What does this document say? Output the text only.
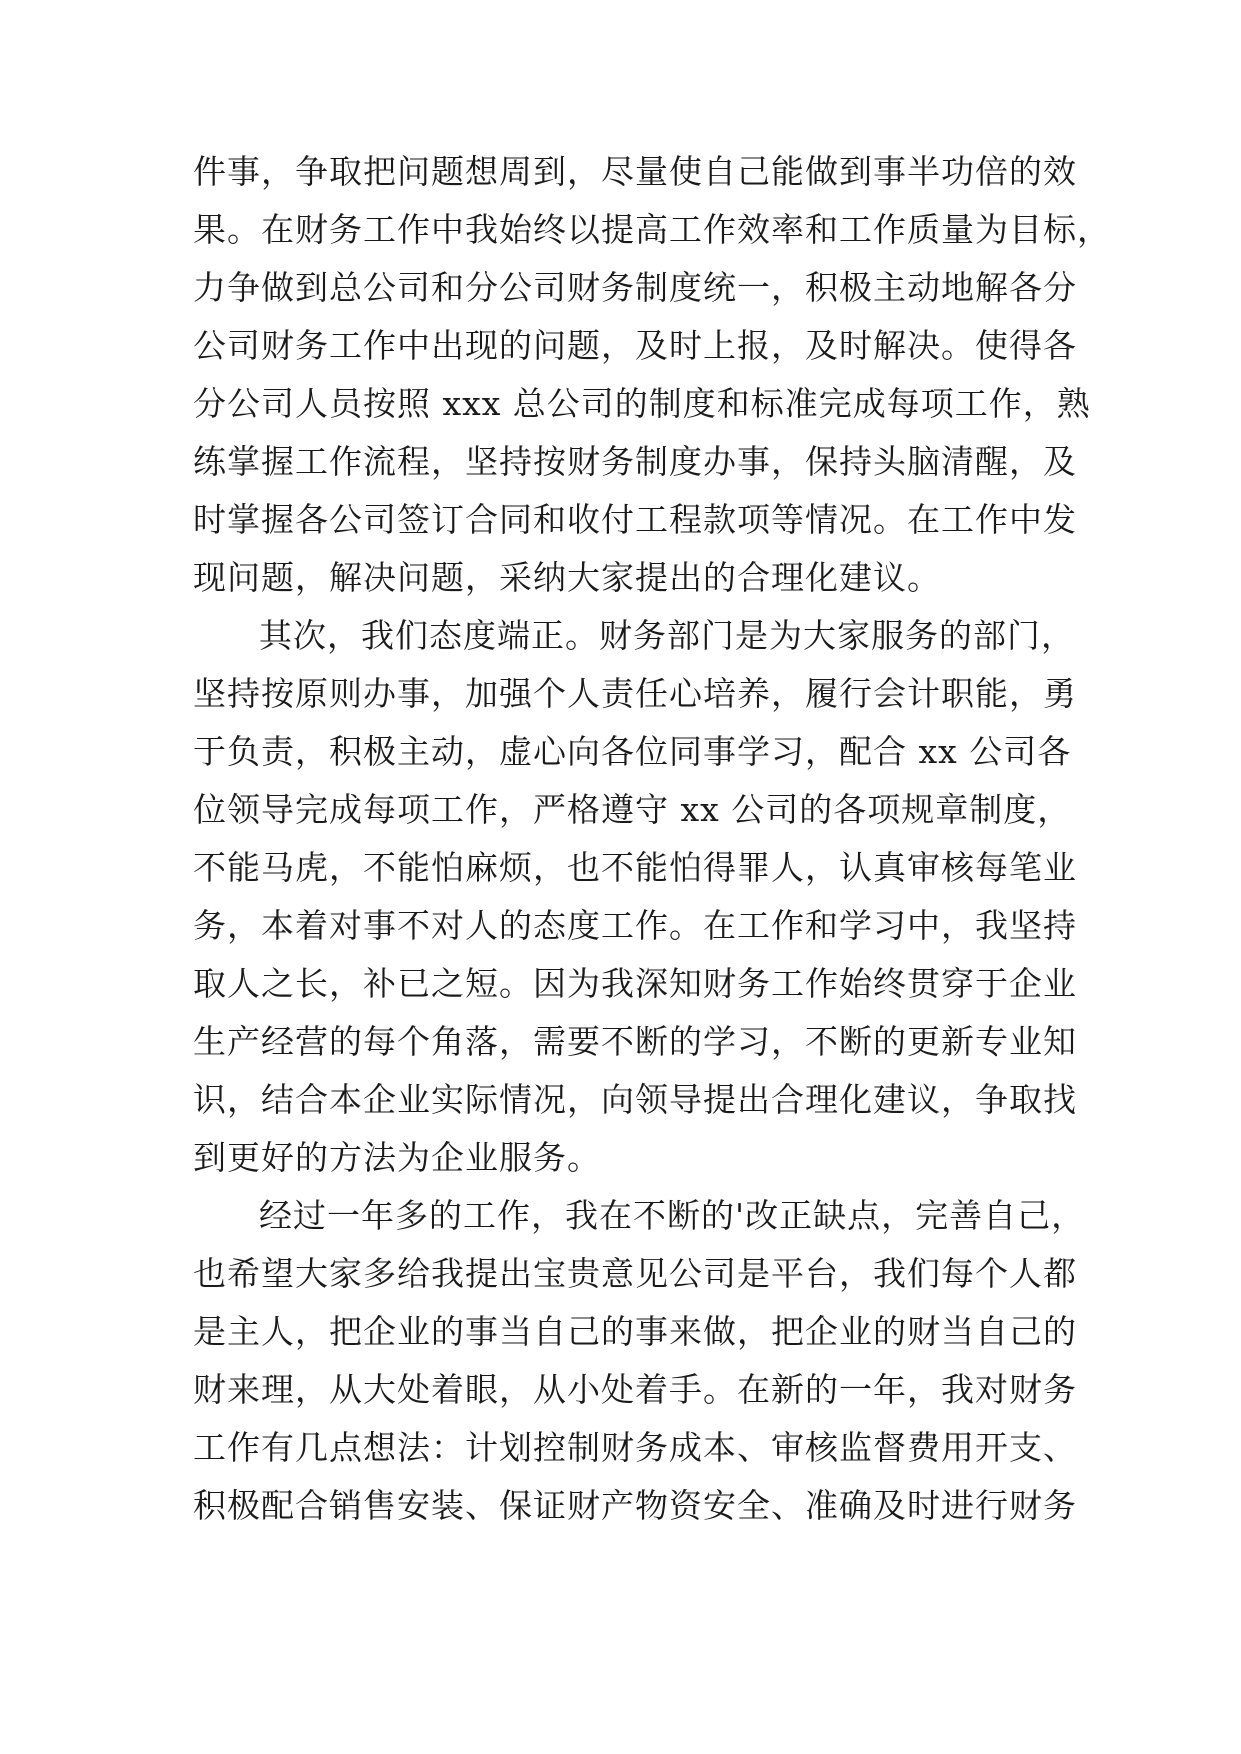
件事，争取把问题想周到，尽量使自己能做到事半功倍的效
果。在财务工作中我始终以提高工作效率和工作质量为目标，
力争做到总公司和分公司财务制度统一，积极主动地解各分
公司财务工作中出现的问题，及时上报，及时解决。使得各
分公司人员按照 xxx 总公司的制度和标准完成每项工作，熟
练掌握工作流程，坚持按财务制度办事，保持头脑清醒，及
时掌握各公司签订合同和收付工程款项等情况。在工作中发
现问题，解决问题，采纳大家提出的合理化建议。
其次，我们态度端正。财务部门是为大家服务的部门，
坚持按原则办事，加强个人责任心培养，履行会计职能，勇
于负责，积极主动，虚心向各位同事学习，配合 xx 公司各
位领导完成每项工作，严格遵守 xx 公司的各项规章制度，
不能马虎，不能怕麻烦，也不能怕得罪人，认真审核每笔业
务，本着对事不对人的态度工作。在工作和学习中，我坚持
取人之长，补已之短。因为我深知财务工作始终贯穿于企业
生产经营的每个角落，需要不断的学习，不断的更新专业知
识，结合本企业实际情况，向领导提出合理化建议，争取找
到更好的方法为企业服务。
经过一年多的工作，我在不断的'改正缺点，完善自己，
也希望大家多给我提出宝贵意见公司是平台，我们每个人都
是主人，把企业的事当自己的事来做，把企业的财当自己的
财来理，从大处着眼，从小处着手。在新的一年，我对财务
工作有几点想法：计划控制财务成本、审核监督费用开支、
积极配合销售安装、保证财产物资安全、准确及时进行财务
